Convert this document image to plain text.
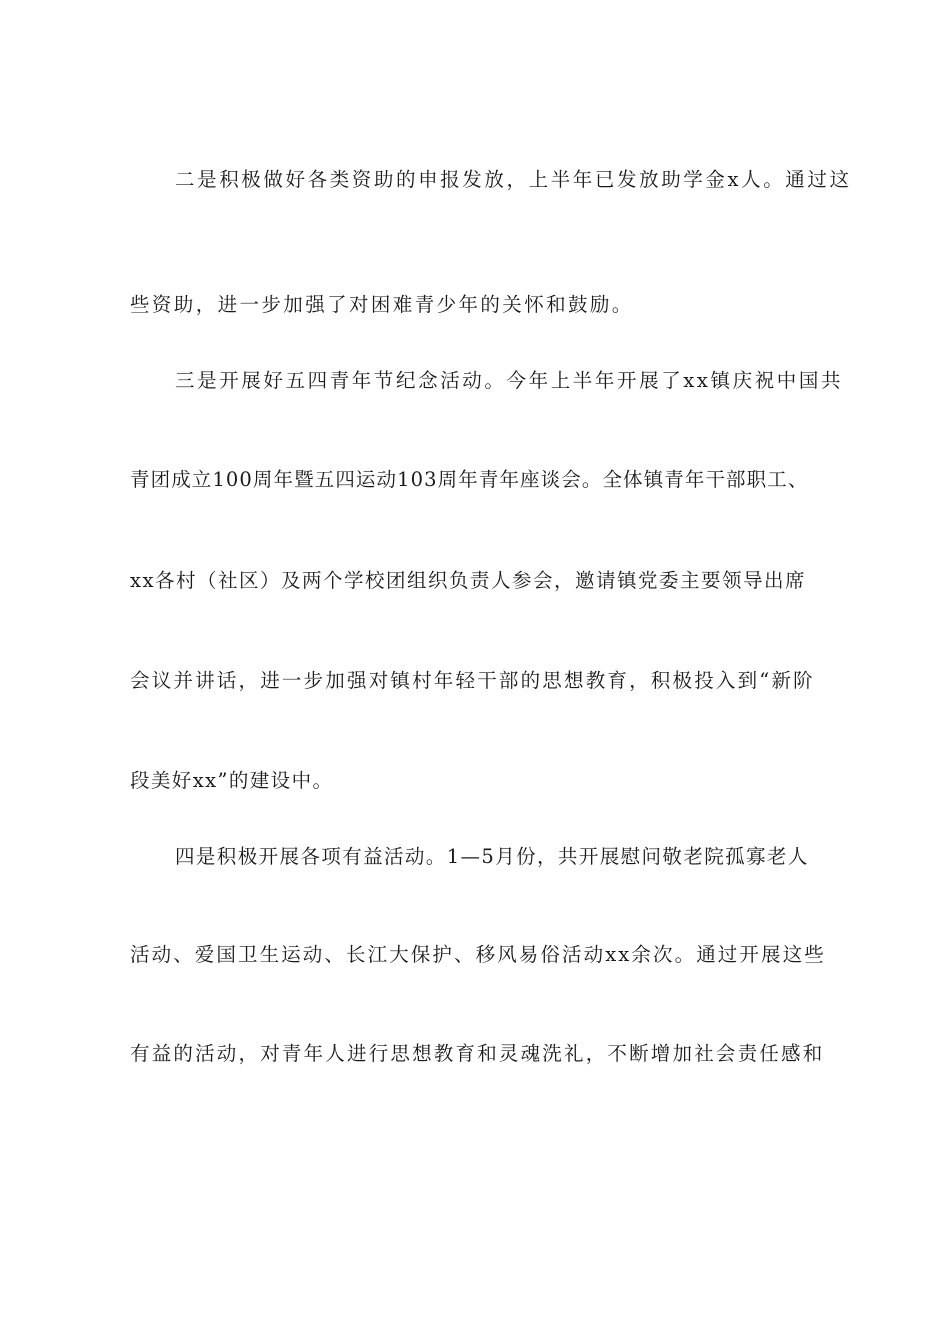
二是积极做好各类资助的申报发放，上半年已发放助学金x人。通过这

些资助，进一步加强了对困难青少年的关怀和鼓励。

三是开展好五四青年节纪念活动。今年上半年开展了xx镇庆祝中国共

青团成立100周年暨五四运动103周年青年座谈会。全体镇青年干部职工、

xx各村（社区）及两个学校团组织负责人参会，邀请镇党委主要领导出席

会议并讲话，进一步加强对镇村年轻干部的思想教育，积极投入到“新阶

段美好xx”的建设中。

四是积极开展各项有益活动。1—5月份，共开展慰问敬老院孤寡老人

活动、爱国卫生运动、长江大保护、移风易俗活动xx余次。通过开展这些

有益的活动，对青年人进行思想教育和灵魂洗礼，不断增加社会责任感和
